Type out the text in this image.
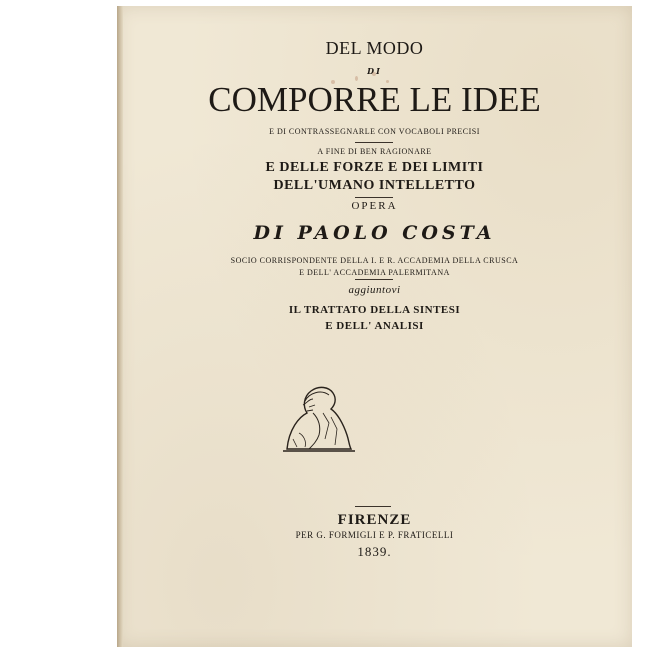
DEL MODO
DI
COMPORRE LE IDEE
E DI CONTRASSEGNARLE CON VOCABOLI PRECISI
A FINE DI BEN RAGIONARE
E DELLE FORZE E DEI LIMITI
DELL'UMANO INTELLETTO
OPERA
DI PAOLO COSTA
SOCIO CORRISPONDENTE DELLA I. E R. ACCADEMIA DELLA CRUSCA
E DELL' ACCADEMIA PALERMITANA
aggiuntovi
IL TRATTATO DELLA SINTESI
E DELL' ANALISI
FIRENZE
PER G. FORMIGLI E P. FRATICELLI
1839.
